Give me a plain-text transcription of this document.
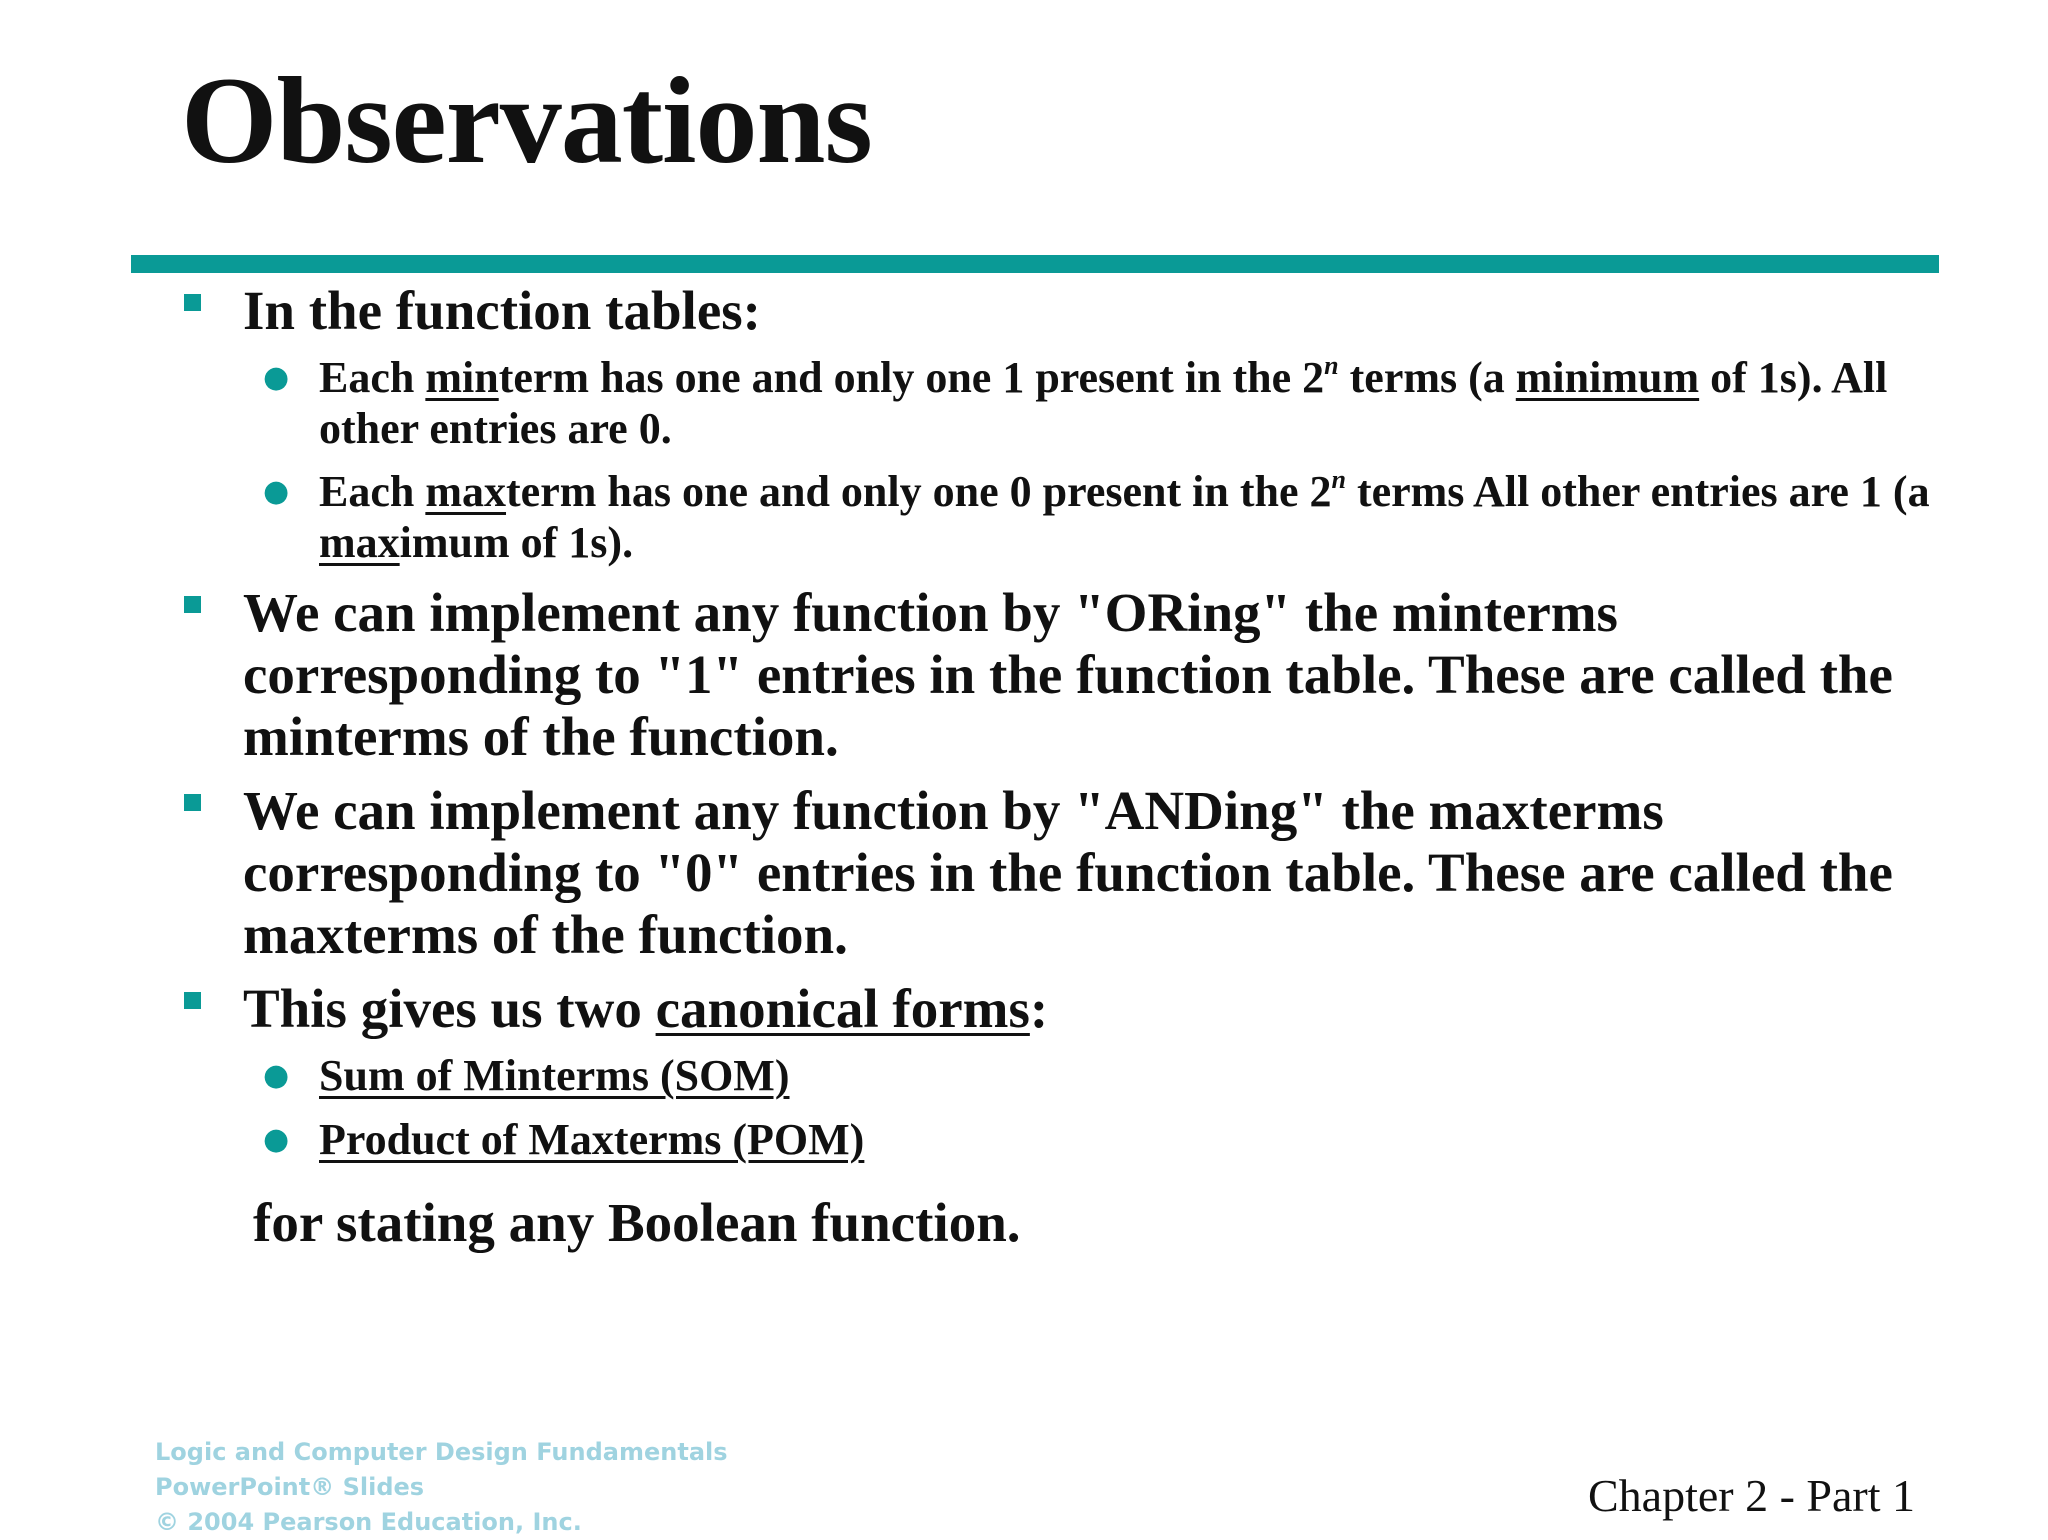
Observations
In the function tables:
● Each minterm has one and only one 1 present in the 2$^n$ terms (a minimum of 1s). All other entries are 0.
● Each maxterm has one and only one 0 present in the 2$^n$ terms All other entries are 1 (a maximum of 1s).
We can implement any function by "ORing" the minterms corresponding to "1" entries in the function table. These are called the minterms of the function.
We can implement any function by "ANDing" the maxterms corresponding to "0" entries in the function table. These are called the maxterms of the function.
This gives us two canonical forms:
● Sum of Minterms (SOM)
● Product of Maxterms (POM)
for stating any Boolean function.
Logic and Computer Design Fundamentals
PowerPoint® Slides
© 2004 Pearson Education, Inc.
Chapter 2 - Part 1
